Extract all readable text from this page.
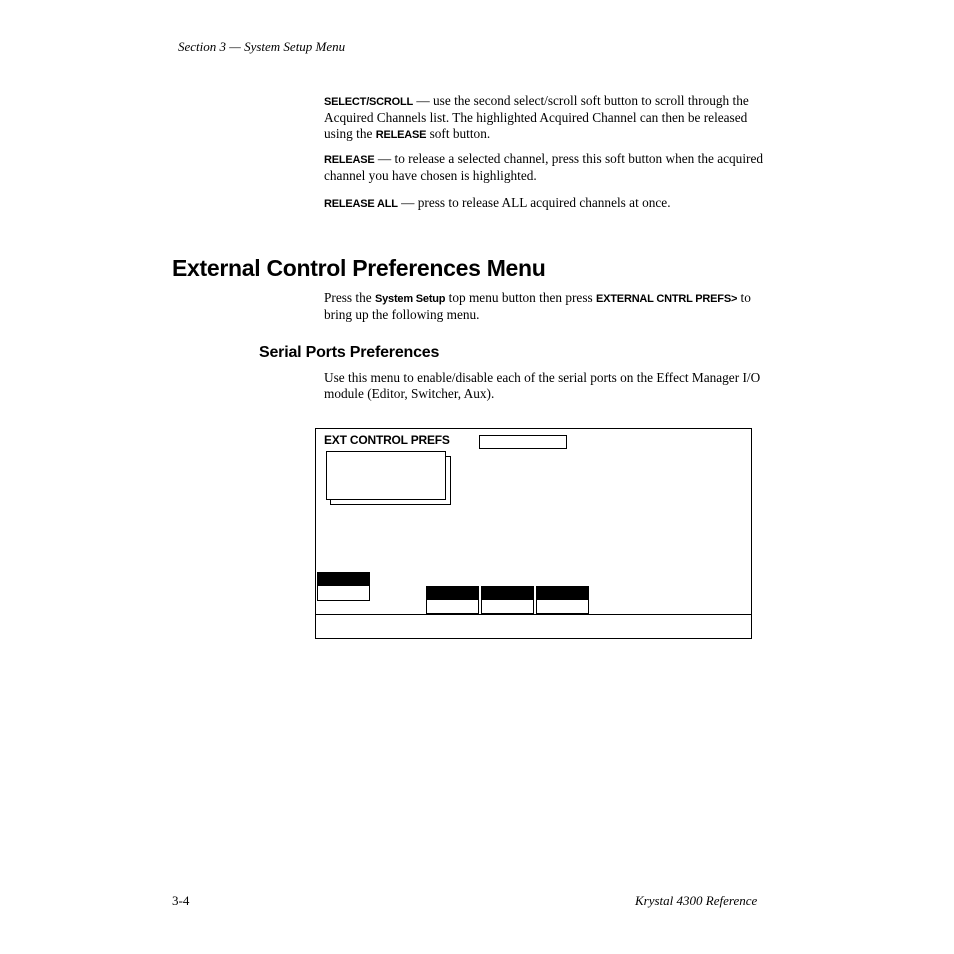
Section 3 — System Setup Menu

SELECT/SCROLL — use the second select/scroll soft button to scroll through the Acquired Channels list. The highlighted Acquired Channel can then be released using the RELEASE soft button.

RELEASE — to release a selected channel, press this soft button when the acquired channel you have chosen is highlighted.

RELEASE ALL — press to release ALL acquired channels at once.

External Control Preferences Menu

Press the System Setup top menu button then press EXTERNAL CNTRL PREFS> to bring up the following menu.

Serial Ports Preferences

Use this menu to enable/disable each of the serial ports on the Effect Manager I/O module (Editor, Switcher, Aux).

EXT CONTROL PREFS
3-4	Krystal 4300 Reference
